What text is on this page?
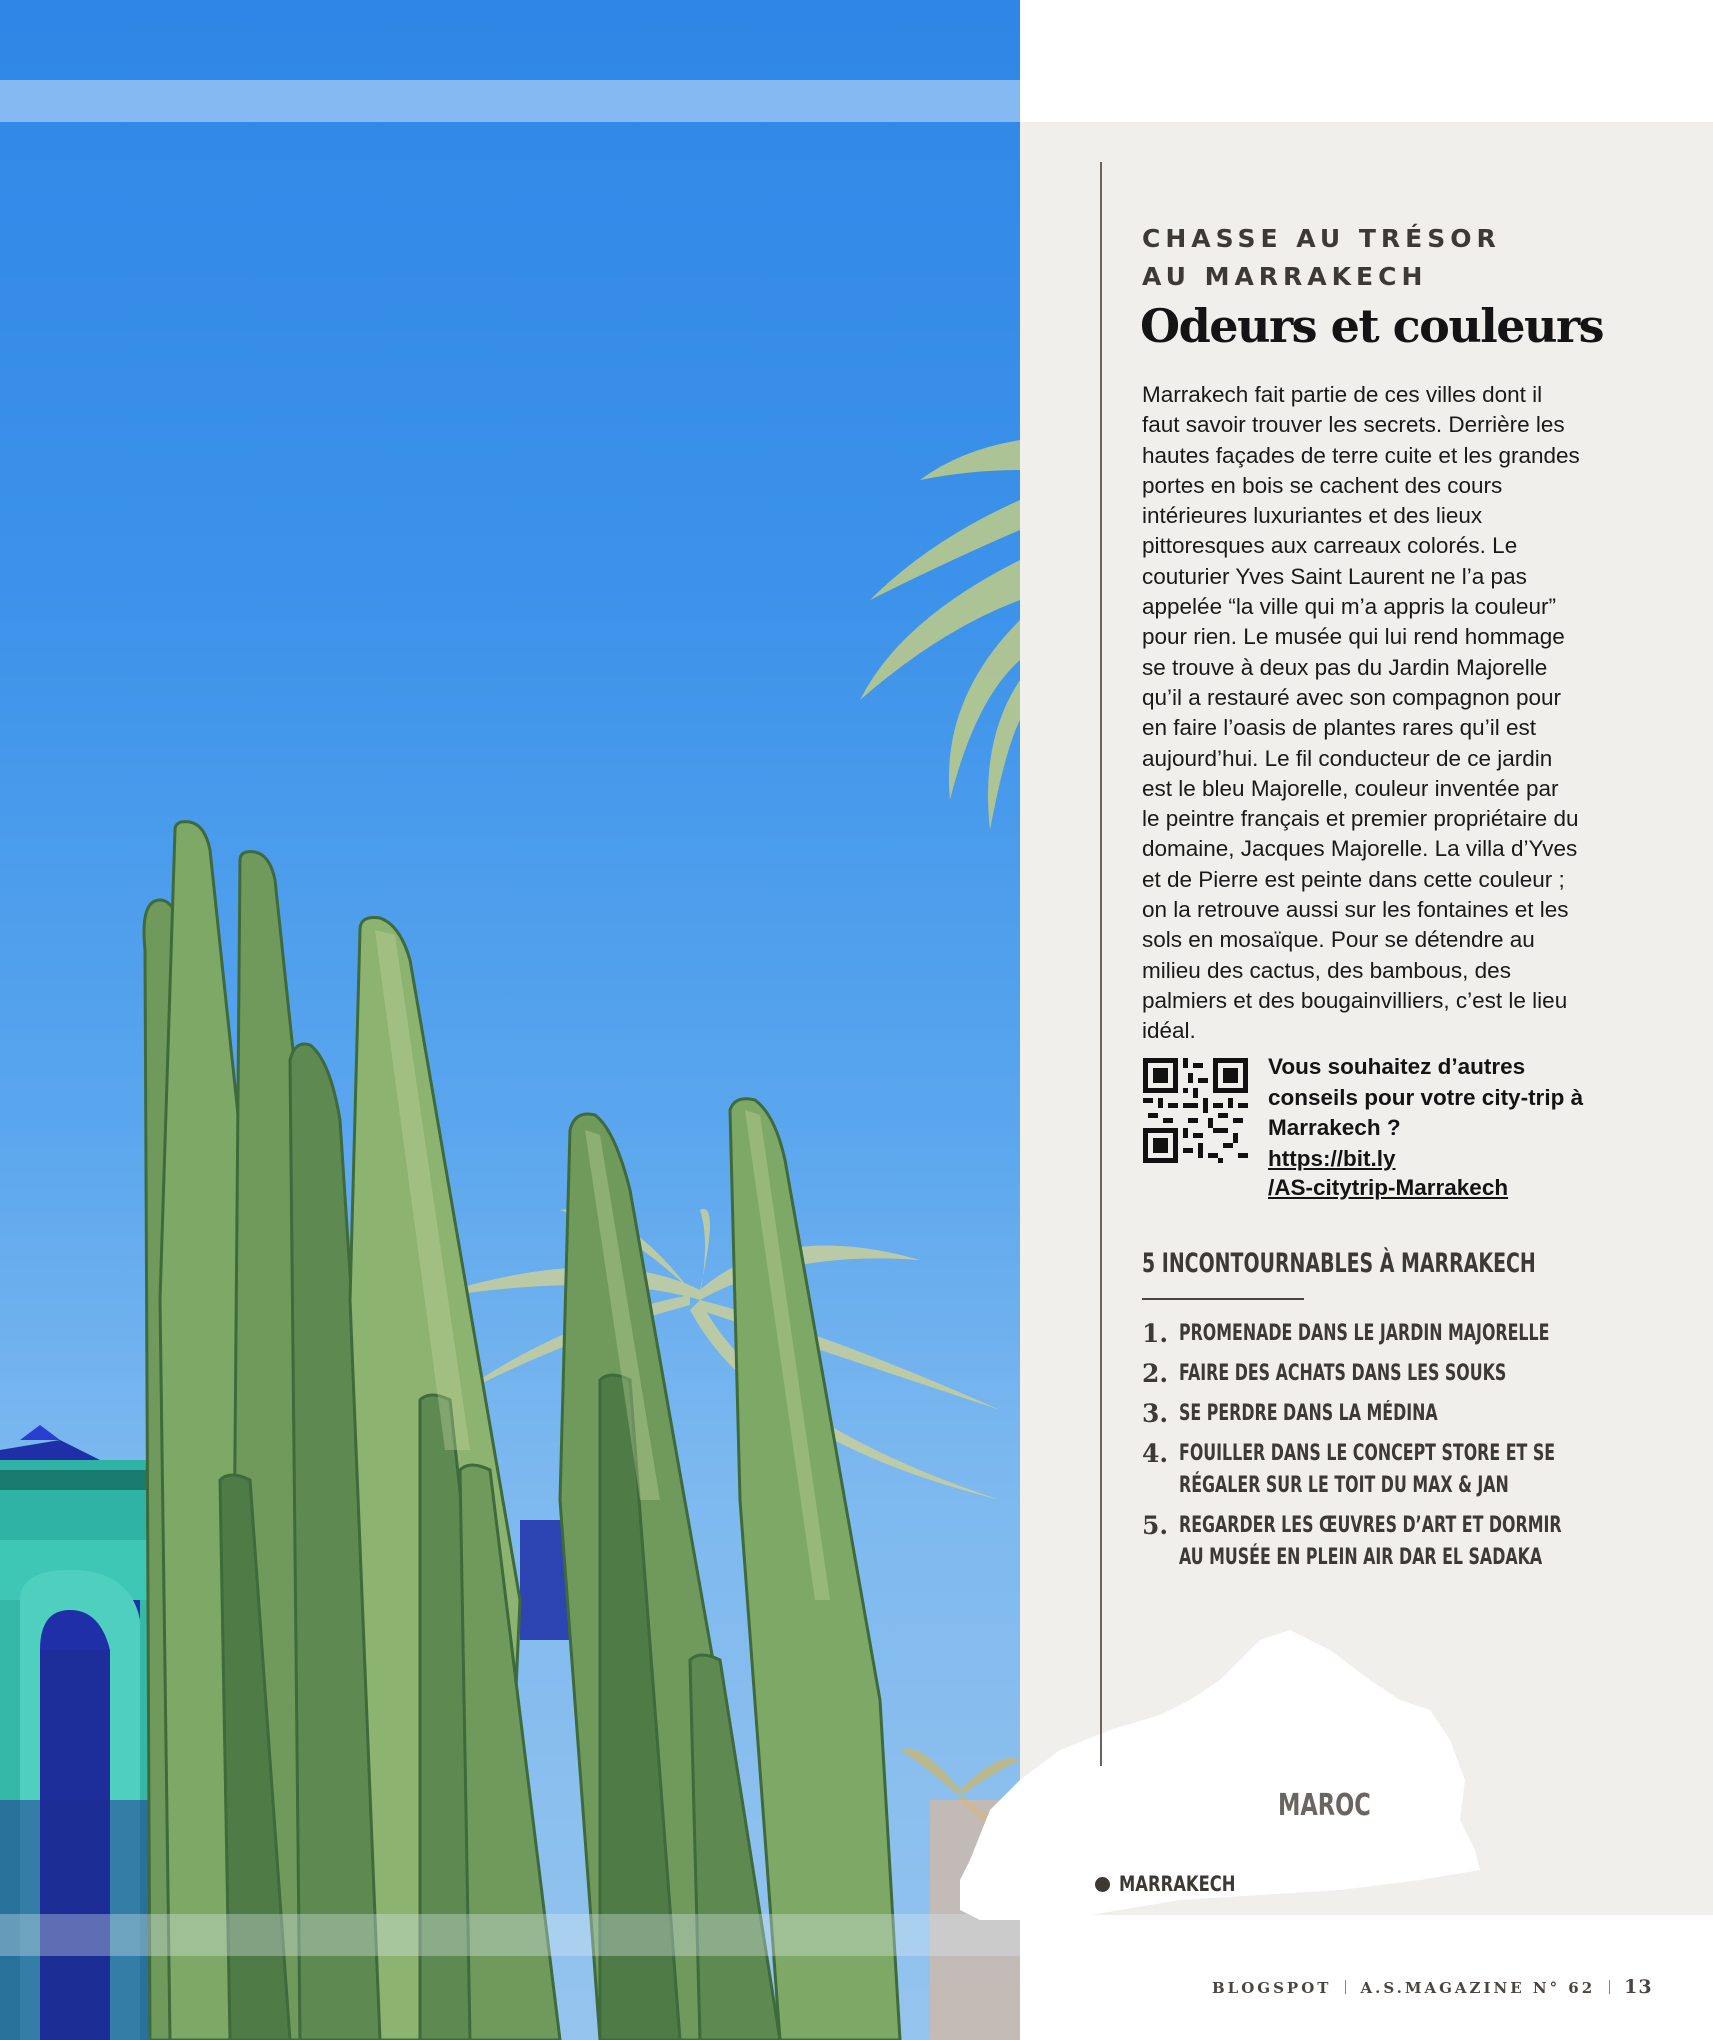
CHASSE AU TRÉSOR
AU MARRAKECH
Odeurs et couleurs
Marrakech fait partie de ces villes dont il faut savoir trouver les secrets. Derrière les hautes façades de terre cuite et les grandes portes en bois se cachent des cours intérieures luxuriantes et des lieux pittoresques aux carreaux colorés. Le couturier Yves Saint Laurent ne l’a pas appelée “la ville qui m’a appris la couleur” pour rien. Le musée qui lui rend hommage se trouve à deux pas du Jardin Majorelle qu’il a restauré avec son compagnon pour en faire l’oasis de plantes rares qu’il est aujourd’hui. Le fil conducteur de ce jardin est le bleu Majorelle, couleur inventée par le peintre français et premier propriétaire du domaine, Jacques Majorelle. La villa d’Yves et de Pierre est peinte dans cette couleur ; on la retrouve aussi sur les fontaines et les sols en mosaïque. Pour se détendre au milieu des cactus, des bambous, des palmiers et des bougainvilliers, c’est le lieu idéal.
Vous souhaitez d’autres conseils pour votre city-trip à Marrakech ?
https://bit.ly
/AS-citytrip-Marrakech
5 INCONTOURNABLES À MARRAKECH
1. PROMENADE DANS LE JARDIN MAJORELLE
2. FAIRE DES ACHATS DANS LES SOUKS
3. SE PERDRE DANS LA MÉDINA
4. FOUILLER DANS LE CONCEPT STORE ET SE RÉGALER SUR LE TOIT DU MAX & JAN
5. REGARDER LES ŒUVRES D’ART ET DORMIR AU MUSÉE EN PLEIN AIR DAR EL SADAKA
MAROC
MARRAKECH
BLOGSPOT A.S.MAGAZINE N° 62 13
